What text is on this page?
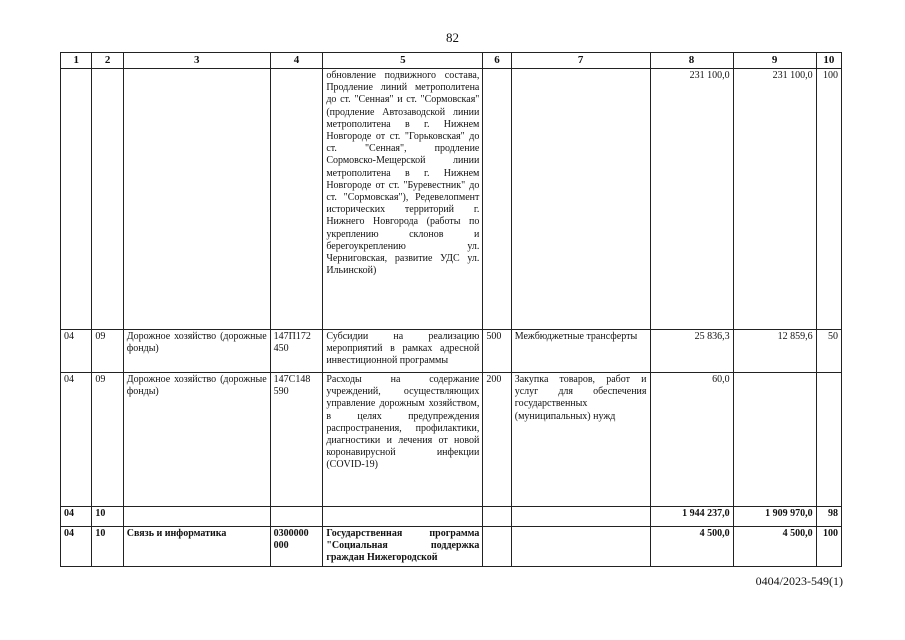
82
1	2	3	4	5	6	7	8	9	10
				обновление подвижного состава, Продление линий метрополитена до ст. "Сенная" и ст. "Сормовская" (продление Автозаводской линии метрополитена в г. Нижнем Новгороде от ст. "Горьковская" до ст. "Сенная", продление Сормовско-Мещерской линии метрополитена в г. Нижнем Новгороде от ст. "Буревестник" до ст. "Сормовская"), Редевелопмент исторических территорий г. Нижнего Новгорода (работы по укреплению склонов и берегоукреплению ул. Черниговская, развитие УДС ул. Ильинской)			231 100,0	231 100,0	100
04	09	Дорожное хозяйство (дорожные фонды)	147П172 450	Субсидии на реализацию мероприятий в рамках адресной инвестиционной программы	500	Межбюджетные трансферты	25 836,3	12 859,6	50
04	09	Дорожное хозяйство (дорожные фонды)	147С148 590	Расходы на содержание учреждений, осуществляющих управление дорожным хозяйством, в целях предупреждения распространения, профилактики, диагностики и лечения от новой коронавирусной инфекции (COVID-19)	200	Закупка товаров, работ и услуг для обеспечения государственных (муниципальных) нужд	60,0		
04	10						1 944 237,0	1 909 970,0	98
04	10	Связь и информатика	0300000 000	Государственная программа "Социальная поддержка граждан Нижегородской			4 500,0	4 500,0	100
0404/2023-549(1)
